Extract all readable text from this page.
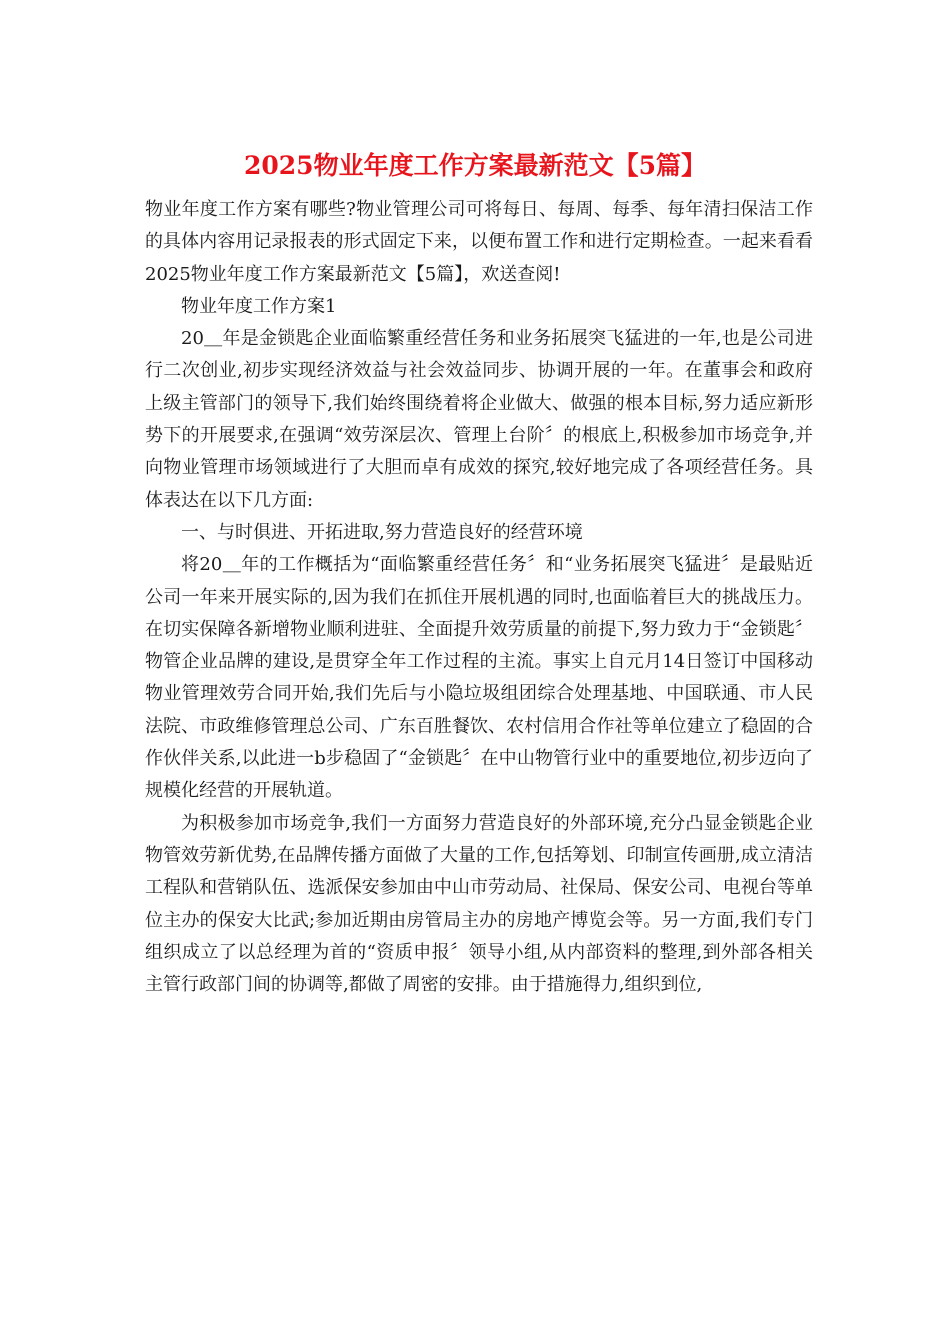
2025物业年度工作方案最新范文【5篇】

物业年度工作方案有哪些?物业管理公司可将每日、每周、每季、每年清扫保洁工作的具体内容用记录报表的形式固定下来，以便布置工作和进行定期检查。一起来看看2025物业年度工作方案最新范文【5篇】，欢送查阅!

物业年度工作方案1

20＿年是金锁匙企业面临繁重经营任务和业务拓展突飞猛进的一年,也是公司进行二次创业,初步实现经济效益与社会效益同步、协调开展的一年。在董事会和政府上级主管部门的领导下,我们始终围绕着将企业做大、做强的根本目标,努力适应新形势下的开展要求,在强调“效劳深层次、管理上台阶〞的根底上,积极参加市场竞争,并向物业管理市场领域进行了大胆而卓有成效的探究,较好地完成了各项经营任务。具体表达在以下几方面:

一、与时俱进、开拓进取,努力营造良好的经营环境

将20＿年的工作概括为“面临繁重经营任务〞和“业务拓展突飞猛进〞是最贴近公司一年来开展实际的,因为我们在抓住开展机遇的同时,也面临着巨大的挑战压力。在切实保障各新增物业顺利进驻、全面提升效劳质量的前提下,努力致力于“金锁匙〞物管企业品牌的建设,是贯穿全年工作过程的主流。事实上自元月14日签订中国移动物业管理效劳合同开始,我们先后与小隐垃圾组团综合处理基地、中国联通、市人民法院、市政维修管理总公司、广东百胜餐饮、农村信用合作社等单位建立了稳固的合作伙伴关系,以此进一b步稳固了“金锁匙〞在中山物管行业中的重要地位,初步迈向了规模化经营的开展轨道。

为积极参加市场竞争,我们一方面努力营造良好的外部环境,充分凸显金锁匙企业物管效劳新优势,在品牌传播方面做了大量的工作,包括筹划、印制宣传画册,成立清洁工程队和营销队伍、选派保安参加由中山市劳动局、社保局、保安公司、电视台等单位主办的保安大比武;参加近期由房管局主办的房地产博览会等。另一方面,我们专门组织成立了以总经理为首的“资质申报〞领导小组,从内部资料的整理,到外部各相关主管行政部门间的协调等,都做了周密的安排。由于措施得力,组织到位,
